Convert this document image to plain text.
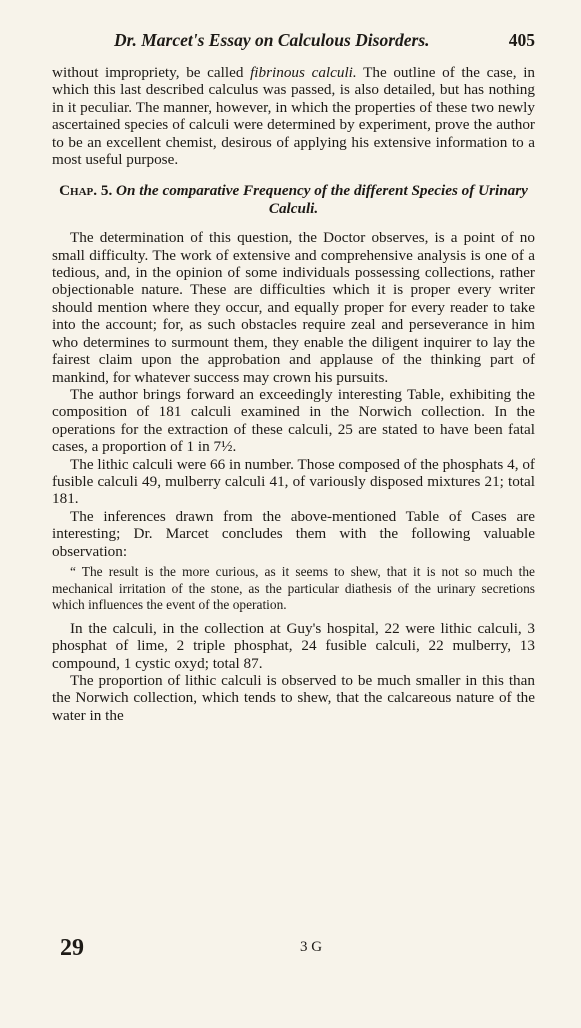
Dr. Marcet's Essay on Calculous Disorders.	405

without impropriety, be called fibrinous calculi. The outline of the case, in which this last described calculus was passed, is also detailed, but has nothing in it peculiar. The manner, however, in which the properties of these two newly ascertained species of calculi were determined by experiment, prove the author to be an excellent chemist, desirous of applying his extensive information to a most useful purpose.

Chap. 5. On the comparative Frequency of the different Species of Urinary Calculi.

The determination of this question, the Doctor observes, is a point of no small difficulty. The work of extensive and comprehensive analysis is one of a tedious, and, in the opinion of some individuals possessing collections, rather objectionable nature. These are difficulties which it is proper every writer should mention where they occur, and equally proper for every reader to take into the account; for, as such obstacles require zeal and perseverance in him who determines to surmount them, they enable the diligent inquirer to lay the fairest claim upon the approbation and applause of the thinking part of mankind, for whatever success may crown his pursuits.

The author brings forward an exceedingly interesting Table, exhibiting the composition of 181 calculi examined in the Norwich collection. In the operations for the extraction of these calculi, 25 are stated to have been fatal cases, a proportion of 1 in 7½.

The lithic calculi were 66 in number. Those composed of the phosphats 4, of fusible calculi 49, mulberry calculi 41, of variously disposed mixtures 21; total 181.

The inferences drawn from the above-mentioned Table of Cases are interesting; Dr. Marcet concludes them with the following valuable observation:

“ The result is the more curious, as it seems to shew, that it is not so much the mechanical irritation of the stone, as the particular diathesis of the urinary secretions which influences the event of the operation.

In the calculi, in the collection at Guy's hospital, 22 were lithic calculi, 3 phosphat of lime, 2 triple phosphat, 24 fusible calculi, 22 mulberry, 13 compound, 1 cystic oxyd; total 87.

The proportion of lithic calculi is observed to be much smaller in this than the Norwich collection, which tends to shew, that the calcareous nature of the water in the

29	3 G
